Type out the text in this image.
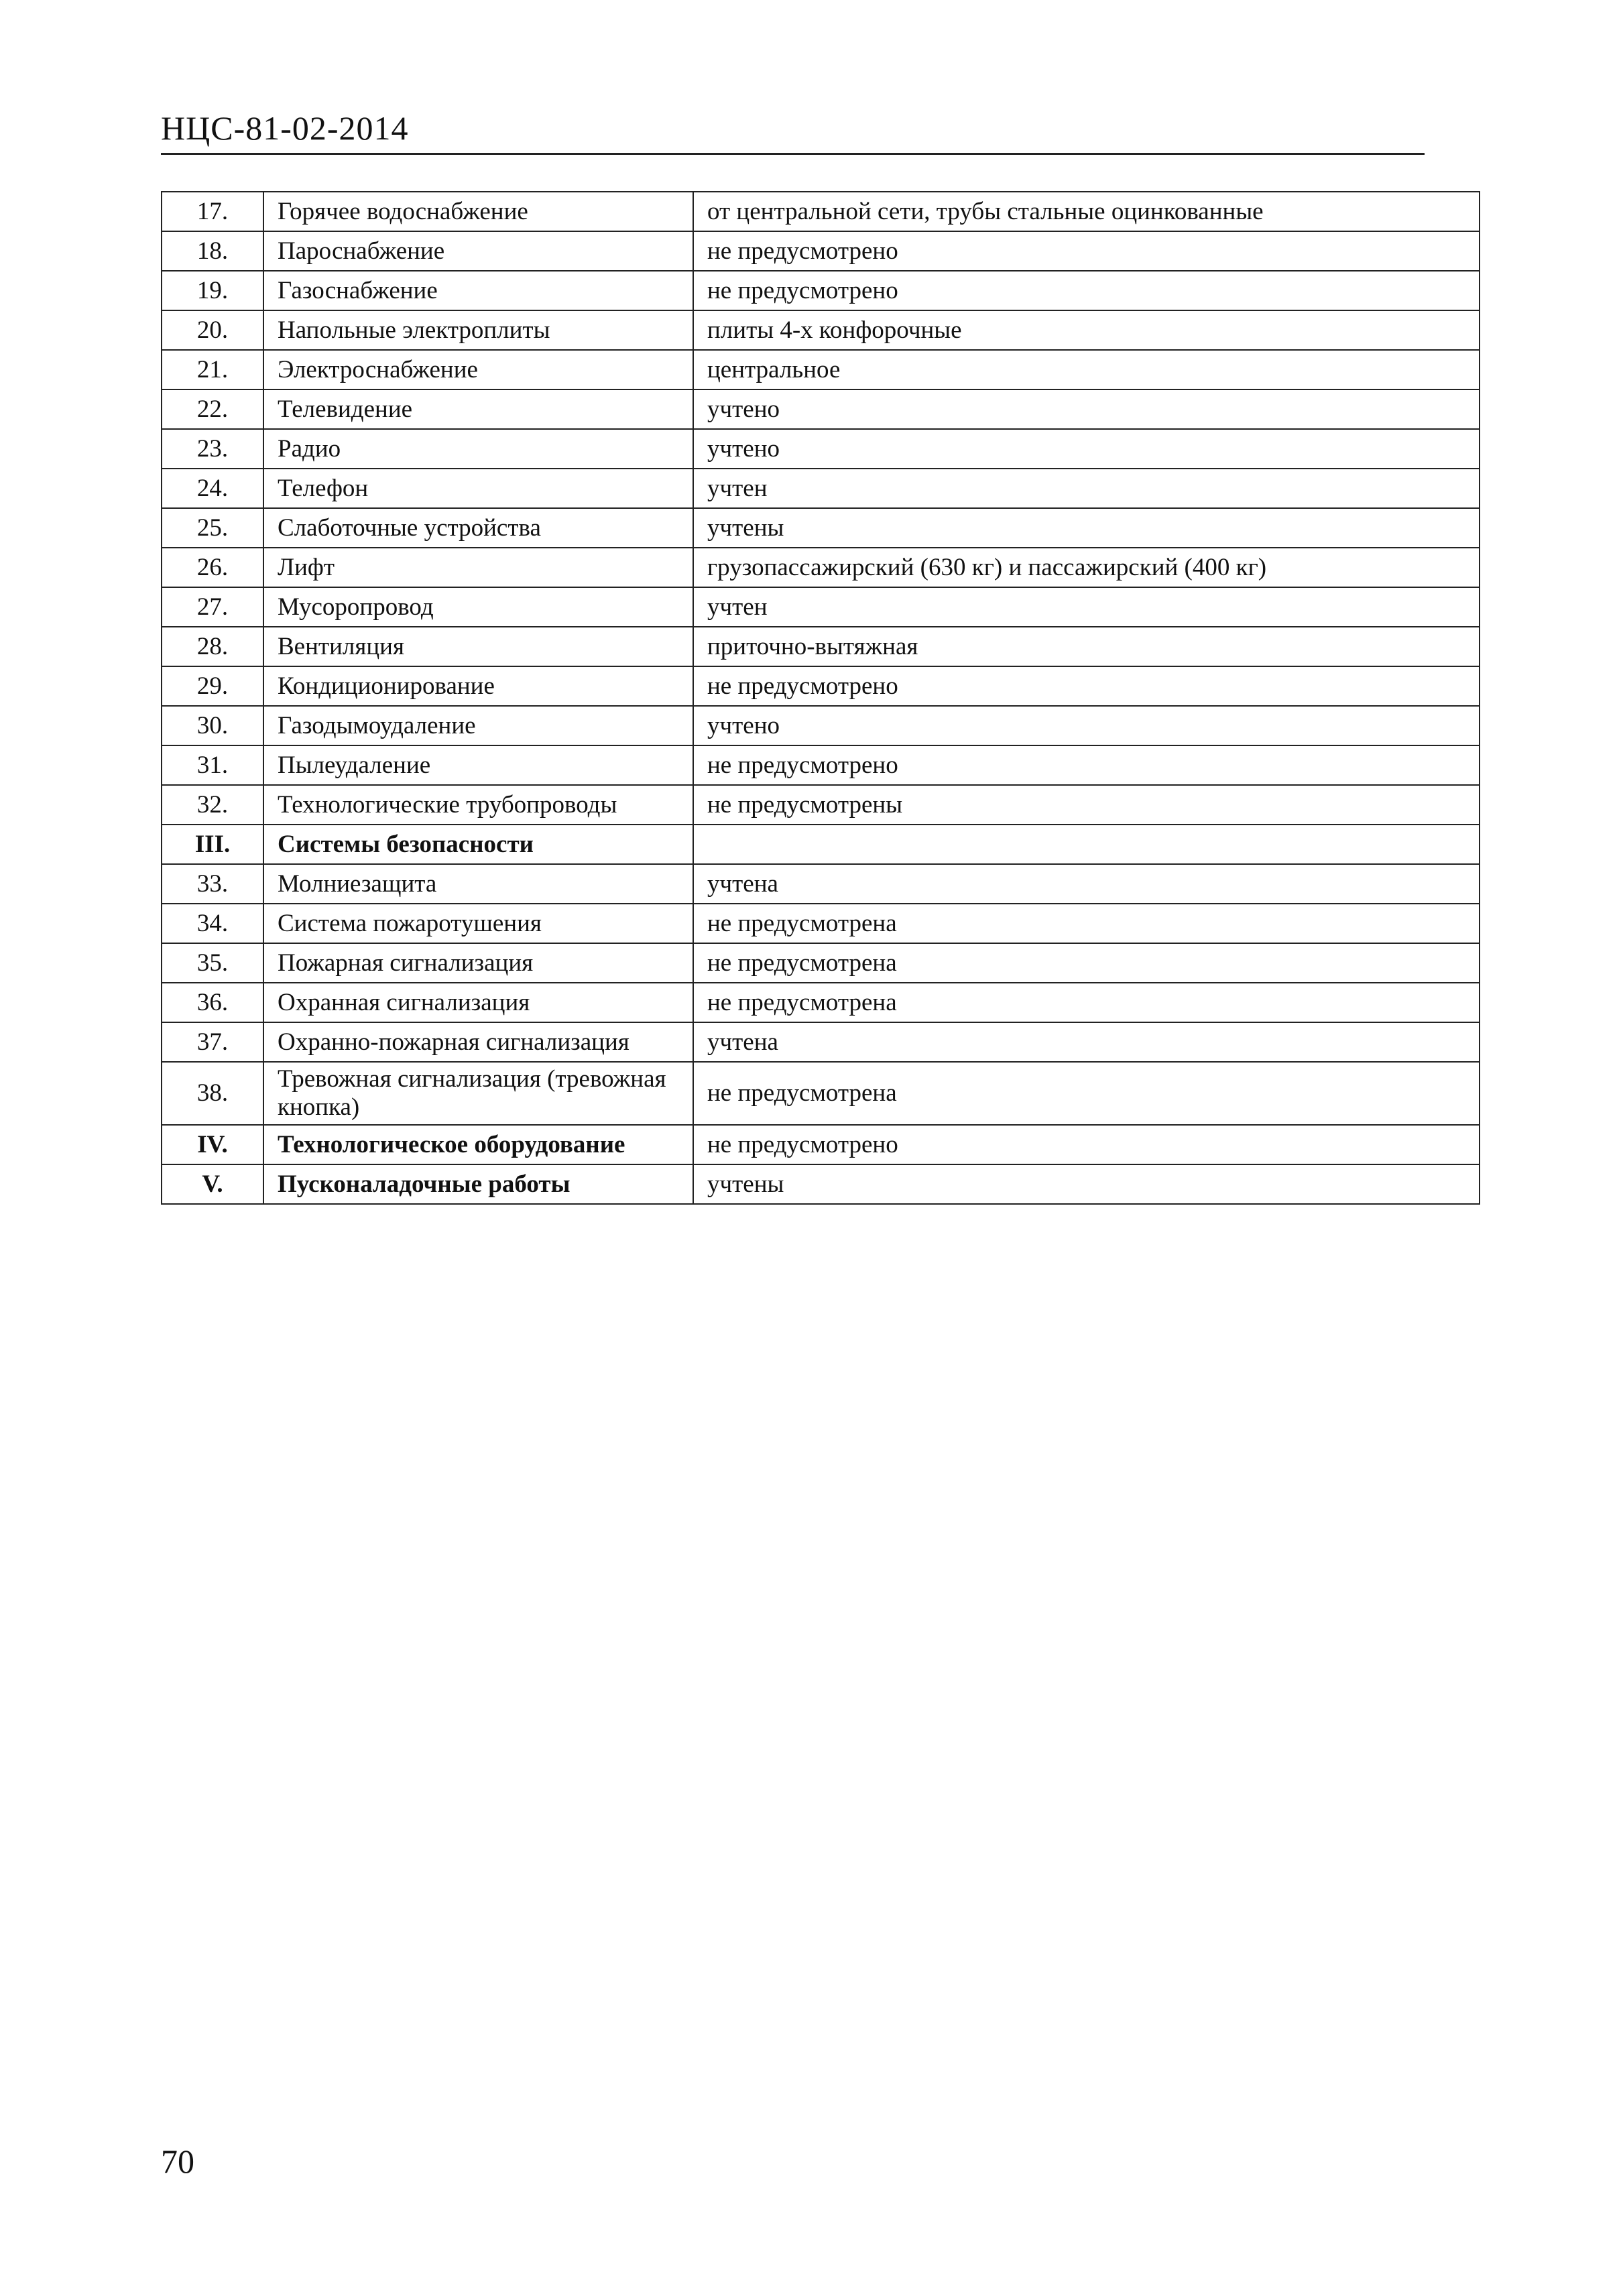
НЦС-81-02-2014
17.	Горячее водоснабжение	от центральной сети, трубы стальные оцинкованные
18.	Пароснабжение	не предусмотрено
19.	Газоснабжение	не предусмотрено
20.	Напольные электроплиты	плиты 4-х конфорочные
21.	Электроснабжение	центральное
22.	Телевидение	учтено
23.	Радио	учтено
24.	Телефон	учтен
25.	Слаботочные устройства	учтены
26.	Лифт	грузопассажирский (630 кг) и пассажирский (400 кг)
27.	Мусоропровод	учтен
28.	Вентиляция	приточно-вытяжная
29.	Кондиционирование	не предусмотрено
30.	Газодымоудаление	учтено
31.	Пылеудаление	не предусмотрено
32.	Технологические трубопроводы	не предусмотрены
III.	Системы безопасности	
33.	Молниезащита	учтена
34.	Система пожаротушения	не предусмотрена
35.	Пожарная сигнализация	не предусмотрена
36.	Охранная сигнализация	не предусмотрена
37.	Охранно-пожарная сигнализация	учтена
38.	Тревожная сигнализация (тревожная кнопка)	не предусмотрена
IV.	Технологическое оборудование	не предусмотрено
V.	Пусконаладочные работы	учтены
70
